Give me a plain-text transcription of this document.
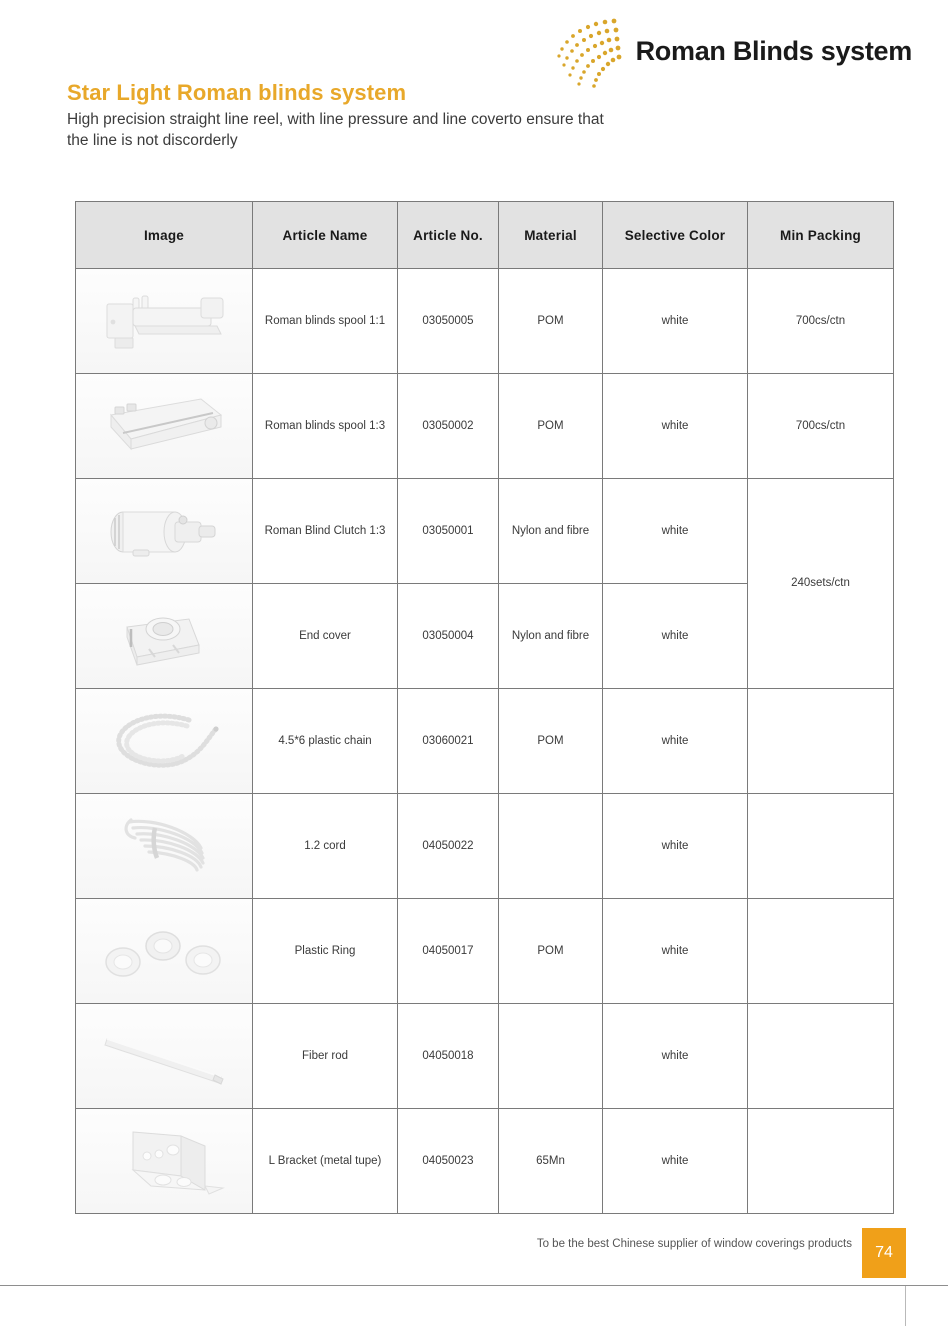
Roman Blinds system
Star Light Roman blinds system
High precision straight line reel, with line pressure and line coverto ensure that the line is not discorderly
Image	Article Name	Article No.	Material	Selective Color	Min Packing

	Roman blinds spool 1:1	03050005	POM	white	700cs/ctn

	Roman blinds spool 1:3	03050002	POM	white	700cs/ctn

	Roman Blind Clutch 1:3	03050001	Nylon and fibre	white	240sets/ctn

	End cover	03050004	Nylon and fibre	white	

	4.5*6 plastic chain	03060021	POM	white	

	1.2 cord	04050022		white	

	Plastic Ring	04050017	POM	white	

	Fiber rod	04050018		white	

	L Bracket (metal tupe)	04050023	65Mn	white	
To be the best Chinese supplier of window coverings products	74
